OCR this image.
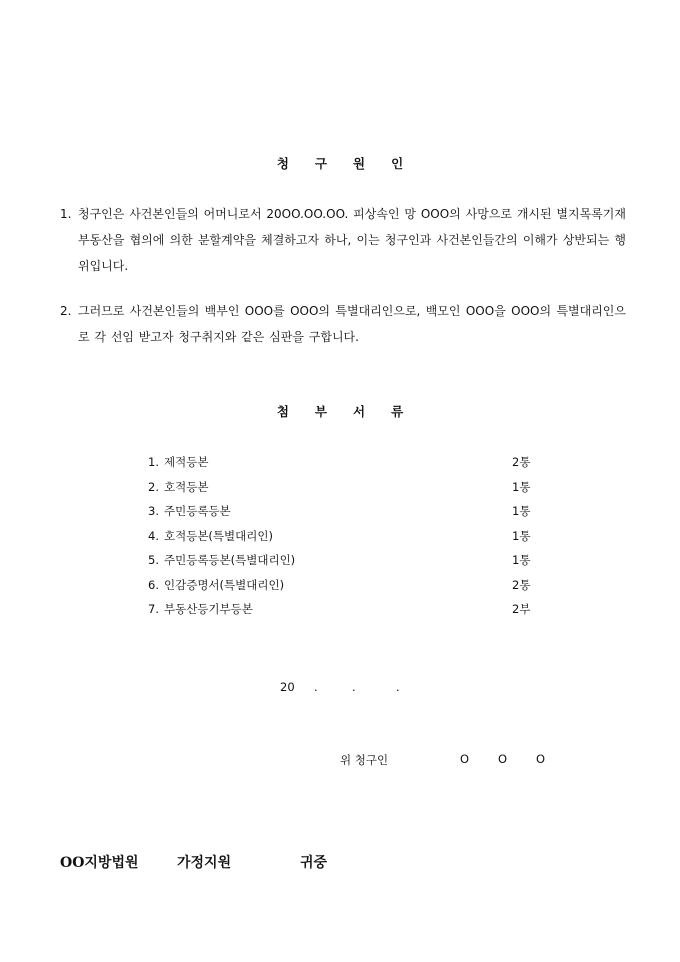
청구원인
1. 청구인은 사건본인들의 어머니로서 20OO.OO.OO. 피상속인 망 OOO의 사망으로 개시된 별지목록기재 부동산을 협의에 의한 분할계약을 체결하고자 하나, 이는 청구인과 사건본인들간의 이해가 상반되는 행위입니다.
2. 그러므로 사건본인들의 백부인 OOO를 OOO의 특별대리인으로, 백모인 OOO을 OOO의 특별대리인으로 각 선임 받고자 청구취지와 같은 심판을 구합니다.
첨부서류
1. 제적등본	2통
2. 호적등본	1통
3. 주민등록등본	1통
4. 호적등본(특별대리인)	1통
5. 주민등록등본(특별대리인)	1통
6. 인감증명서(특별대리인)	2통
7. 부동산등기부등본	2부
20 .	.	.
위 청구인	O	O	O
OO지방법원	가정지원	귀중
